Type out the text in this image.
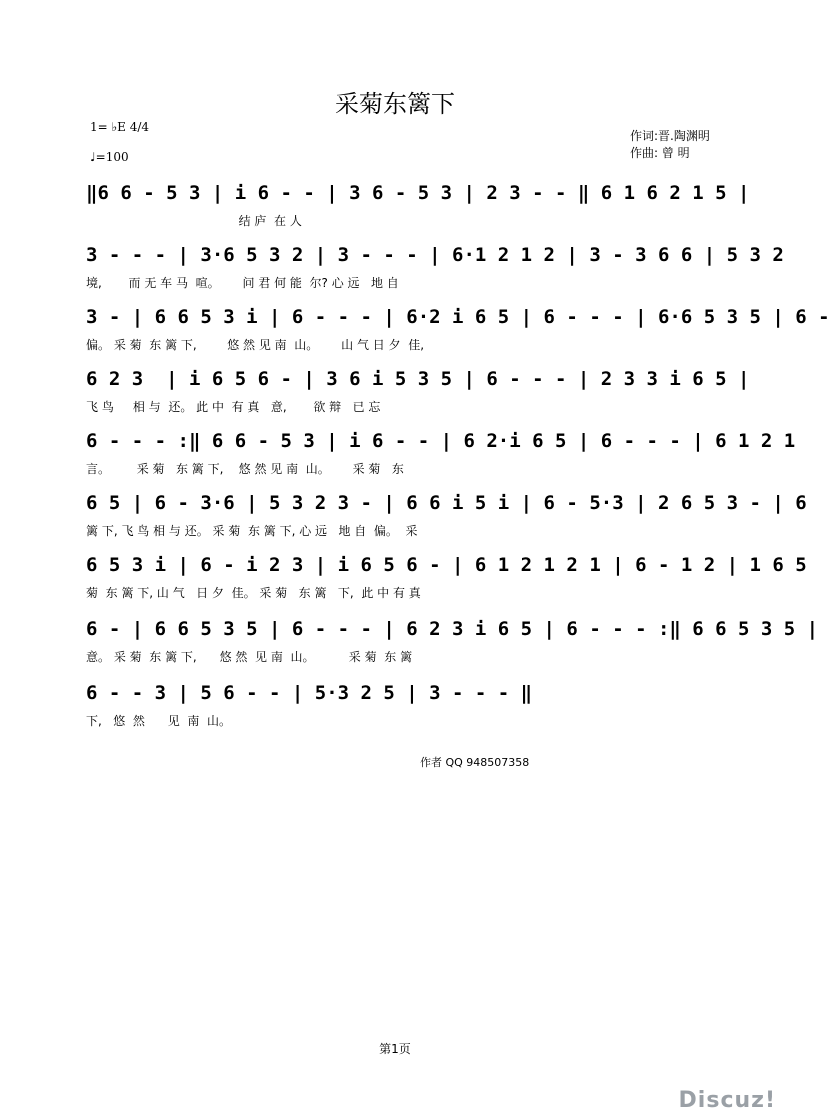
采菊东篱下
1= ♭E 4/4
♩=100
作词:晋.陶渊明
作曲: 曾 明
‖6 6 - 5 3 | i 6 - - | 3 6 - 5 3 | 2 3 - - ‖ 6 1 6 2 1 5 |
结 庐  在 人
3 - - - | 3·6 5 3 2 | 3 - - - | 6·1 2 1 2 | 3 - 3 6 6 | 5 3 2
境,       而 无 车 马  喧。      问 君 何 能  尔? 心 远   地 自
3 - | 6 6 5 3 i | 6 - - - | 6·2 i 6 5 | 6 - - - | 6·6 5 3 5 | 6 -
偏。 采 菊  东 篱 下,        悠 然 见 南  山。      山 气 日 夕  佳,
6 2 3  | i 6 5 6 - | 3 6 i 5 3 5 | 6 - - - | 2 3 3 i 6 5 |
飞 鸟     相 与  还。 此 中  有 真   意,       欲 辩   已 忘
6 - - - :‖ 6 6 - 5 3 | i 6 - - | 6 2·i 6 5 | 6 - - - | 6 1 2 1
言。       采 菊   东 篱 下,    悠 然 见 南  山。      采 菊   东
6 5 | 6 - 3·6 | 5 3 2 3 - | 6 6 i 5 i | 6 - 5·3 | 2 6 5 3 - | 6
篱 下, 飞 鸟 相 与 还。 采 菊  东 篱 下, 心 远   地 自  偏。  采
6 5 3 i | 6 - i 2 3 | i 6 5 6 - | 6 1 2 1 2 1 | 6 - 1 2 | 1 6 5
菊  东 篱 下, 山 气   日 夕  佳。 采 菊   东 篱   下,  此 中 有 真
6 - | 6 6 5 3 5 | 6 - - - | 6 2 3 i 6 5 | 6 - - - :‖ 6 6 5 3 5 |
意。 采 菊  东 篱 下,      悠 然  见 南  山。         采 菊  东 篱
6 - - 3 | 5 6 - - | 5·3 2 5 | 3 - - - ‖
下,   悠  然      见  南  山。
作者 QQ 948507358
第1页
Discuz!
